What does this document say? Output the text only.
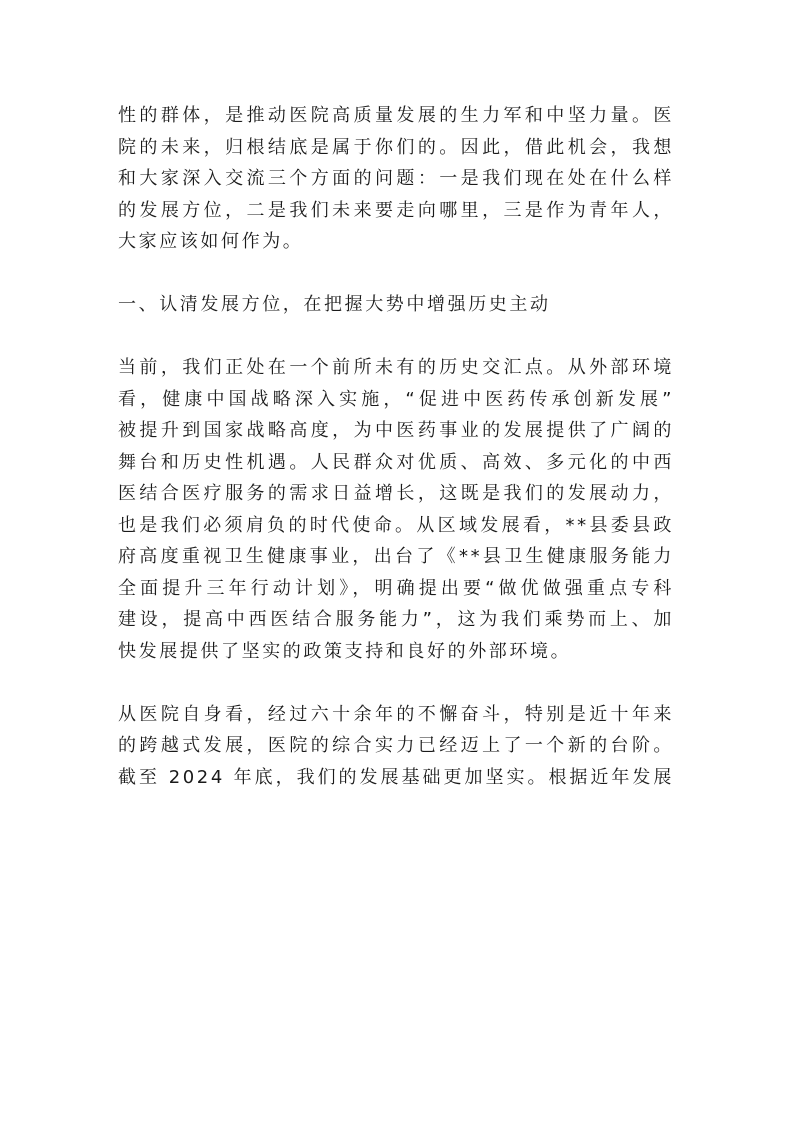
性的群体，是推动医院高质量发展的生力军和中坚力量。医
院的未来，归根结底是属于你们的。因此，借此机会，我想
和大家深入交流三个方面的问题：一是我们现在处在什么样
的发展方位，二是我们未来要走向哪里，三是作为青年人，
大家应该如何作为。

一、认清发展方位，在把握大势中增强历史主动

当前，我们正处在一个前所未有的历史交汇点。从外部环境
看，健康中国战略深入实施，“促进中医药传承创新发展”
被提升到国家战略高度，为中医药事业的发展提供了广阔的
舞台和历史性机遇。人民群众对优质、高效、多元化的中西
医结合医疗服务的需求日益增长，这既是我们的发展动力，
也是我们必须肩负的时代使命。从区域发展看，**县委县政
府高度重视卫生健康事业，出台了《**县卫生健康服务能力
全面提升三年行动计划》，明确提出要“做优做强重点专科
建设，提高中西医结合服务能力”，这为我们乘势而上、加
快发展提供了坚实的政策支持和良好的外部环境。

从医院自身看，经过六十余年的不懈奋斗，特别是近十年来
的跨越式发展，医院的综合实力已经迈上了一个新的台阶。
截至 2024 年底，我们的发展基础更加坚实。根据近年发展
